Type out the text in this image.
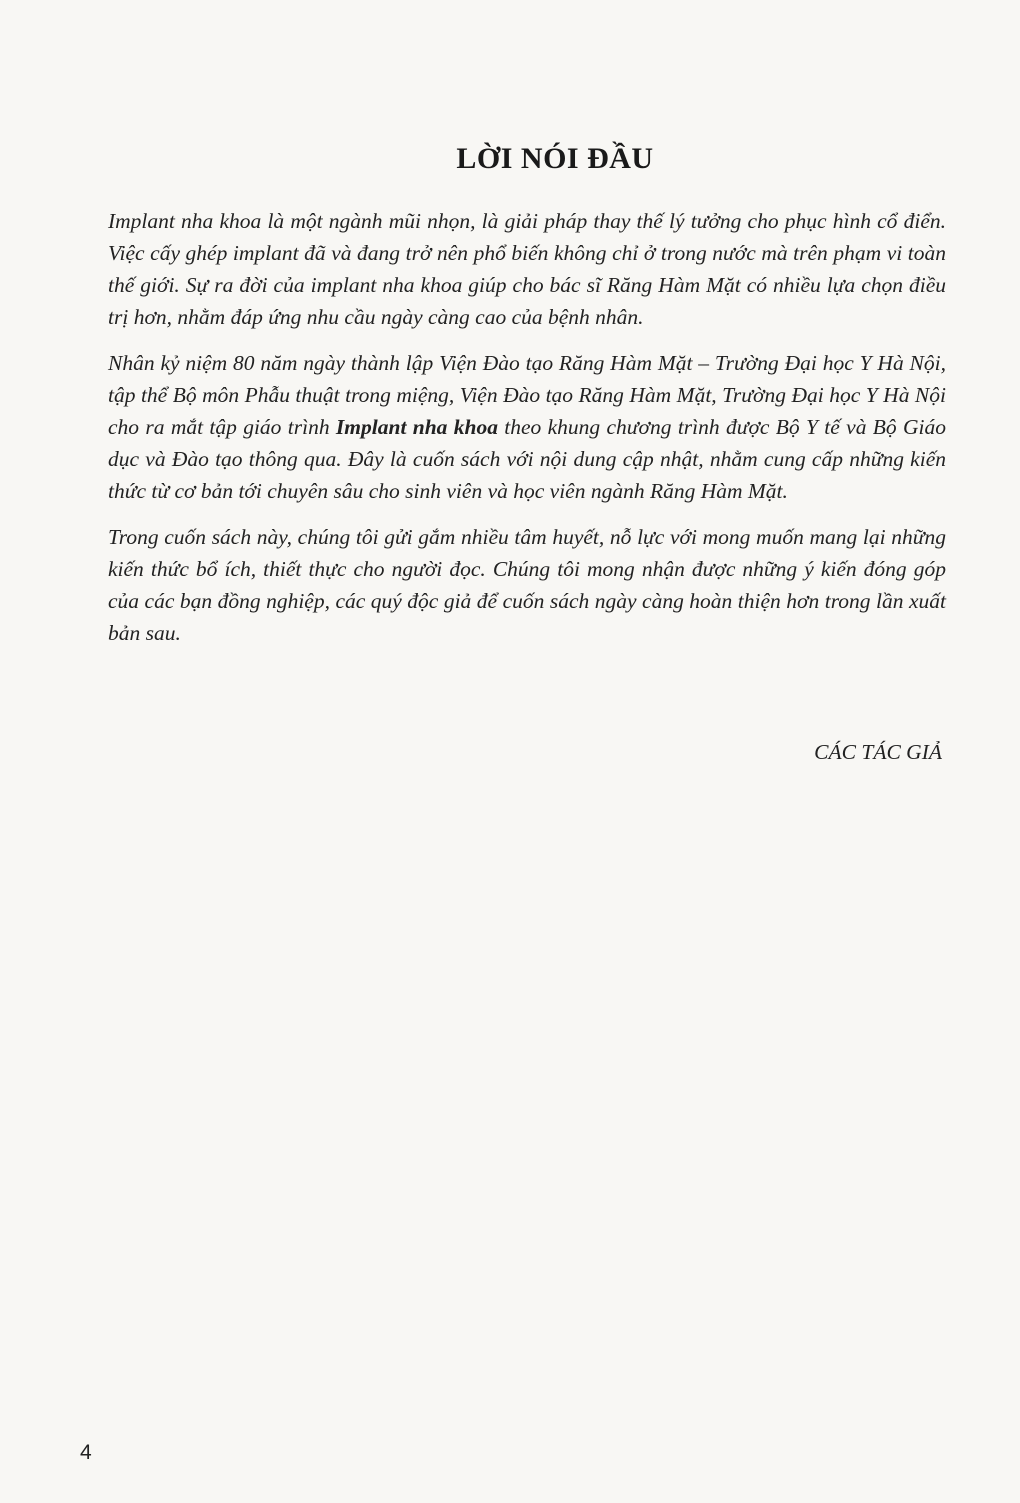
LỜI NÓI ĐẦU

Implant nha khoa là một ngành mũi nhọn, là giải pháp thay thế lý tưởng cho phục hình cổ điển. Việc cấy ghép implant đã và đang trở nên phổ biến không chỉ ở trong nước mà trên phạm vi toàn thế giới. Sự ra đời của implant nha khoa giúp cho bác sĩ Răng Hàm Mặt có nhiều lựa chọn điều trị hơn, nhằm đáp ứng nhu cầu ngày càng cao của bệnh nhân.

Nhân kỷ niệm 80 năm ngày thành lập Viện Đào tạo Răng Hàm Mặt – Trường Đại học Y Hà Nội, tập thể Bộ môn Phẫu thuật trong miệng, Viện Đào tạo Răng Hàm Mặt, Trường Đại học Y Hà Nội cho ra mắt tập giáo trình Implant nha khoa theo khung chương trình được Bộ Y tế và Bộ Giáo dục và Đào tạo thông qua. Đây là cuốn sách với nội dung cập nhật, nhằm cung cấp những kiến thức từ cơ bản tới chuyên sâu cho sinh viên và học viên ngành Răng Hàm Mặt.

Trong cuốn sách này, chúng tôi gửi gắm nhiều tâm huyết, nỗ lực với mong muốn mang lại những kiến thức bổ ích, thiết thực cho người đọc. Chúng tôi mong nhận được những ý kiến đóng góp của các bạn đồng nghiệp, các quý độc giả để cuốn sách ngày càng hoàn thiện hơn trong lần xuất bản sau.

CÁC TÁC GIẢ

4
